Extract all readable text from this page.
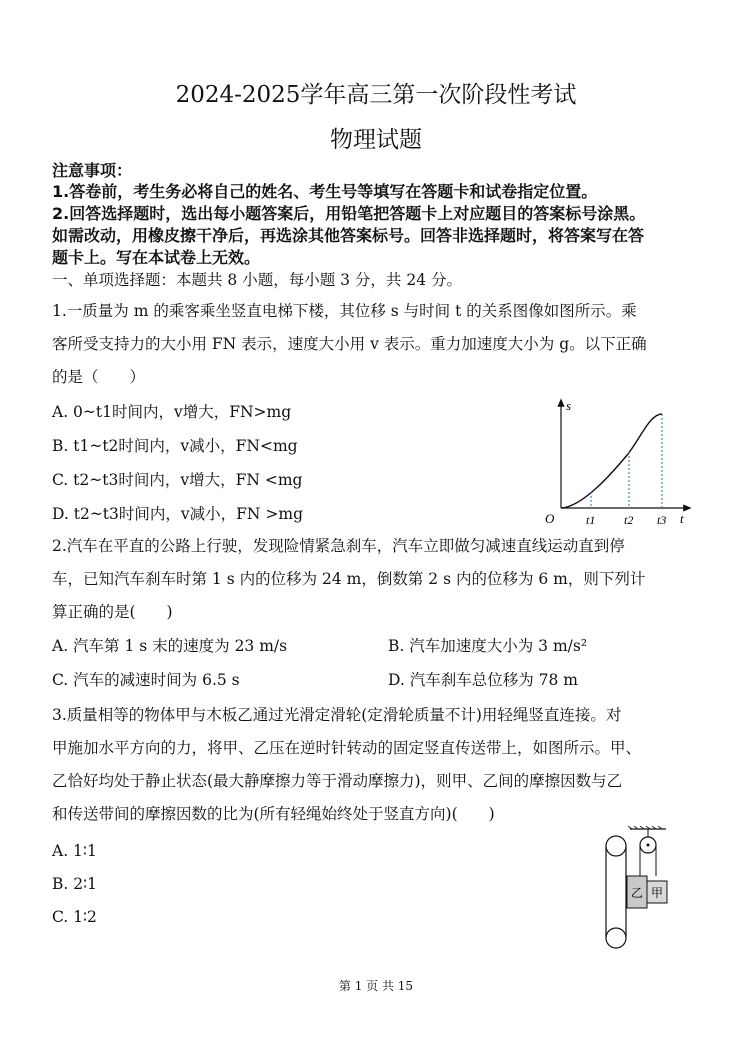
2024-2025学年高三第一次阶段性考试
物理试题
注意事项：
1.答卷前，考生务必将自己的姓名、考生号等填写在答题卡和试卷指定位置。
2.回答选择题时，选出每小题答案后，用铅笔把答题卡上对应题目的答案标号涂黑。
如需改动，用橡皮擦干净后，再选涂其他答案标号。回答非选择题时，将答案写在答
题卡上。写在本试卷上无效。
一、单项选择题：本题共 8 小题，每小题 3 分，共 24 分。
1.一质量为 m 的乘客乘坐竖直电梯下楼，其位移 s 与时间 t 的关系图像如图所示。乘
客所受支持力的大小用 FN 表示，速度大小用 v 表示。重力加速度大小为 g。以下正确
的是（　　）
A. 0~t1时间内，v增大，FN>mg
B. t1~t2时间内，v减小，FN<mg
C. t2~t3时间内，v增大，FN <mg
D. t2~t3时间内，v减小，FN >mg
s
t
O	t1 t2 t3
2.汽车在平直的公路上行驶，发现险情紧急刹车，汽车立即做匀减速直线运动直到停
车，已知汽车刹车时第 1 s 内的位移为 24 m，倒数第 2 s 内的位移为 6 m，则下列计
算正确的是(　　)
A. 汽车第 1 s 末的速度为 23 m/s	B. 汽车加速度大小为 3 m/s²
C. 汽车的减速时间为 6.5 s	D. 汽车刹车总位移为 78 m
3.质量相等的物体甲与木板乙通过光滑定滑轮(定滑轮质量不计)用轻绳竖直连接。对
甲施加水平方向的力，将甲、乙压在逆时针转动的固定竖直传送带上，如图所示。甲、
乙恰好均处于静止状态(最大静摩擦力等于滑动摩擦力)，则甲、乙间的摩擦因数与乙
和传送带间的摩擦因数的比为(所有轻绳始终处于竖直方向)(　　)
A. 1∶1
B. 2∶1
C. 1∶2
乙 甲
第 1 页 共 15
